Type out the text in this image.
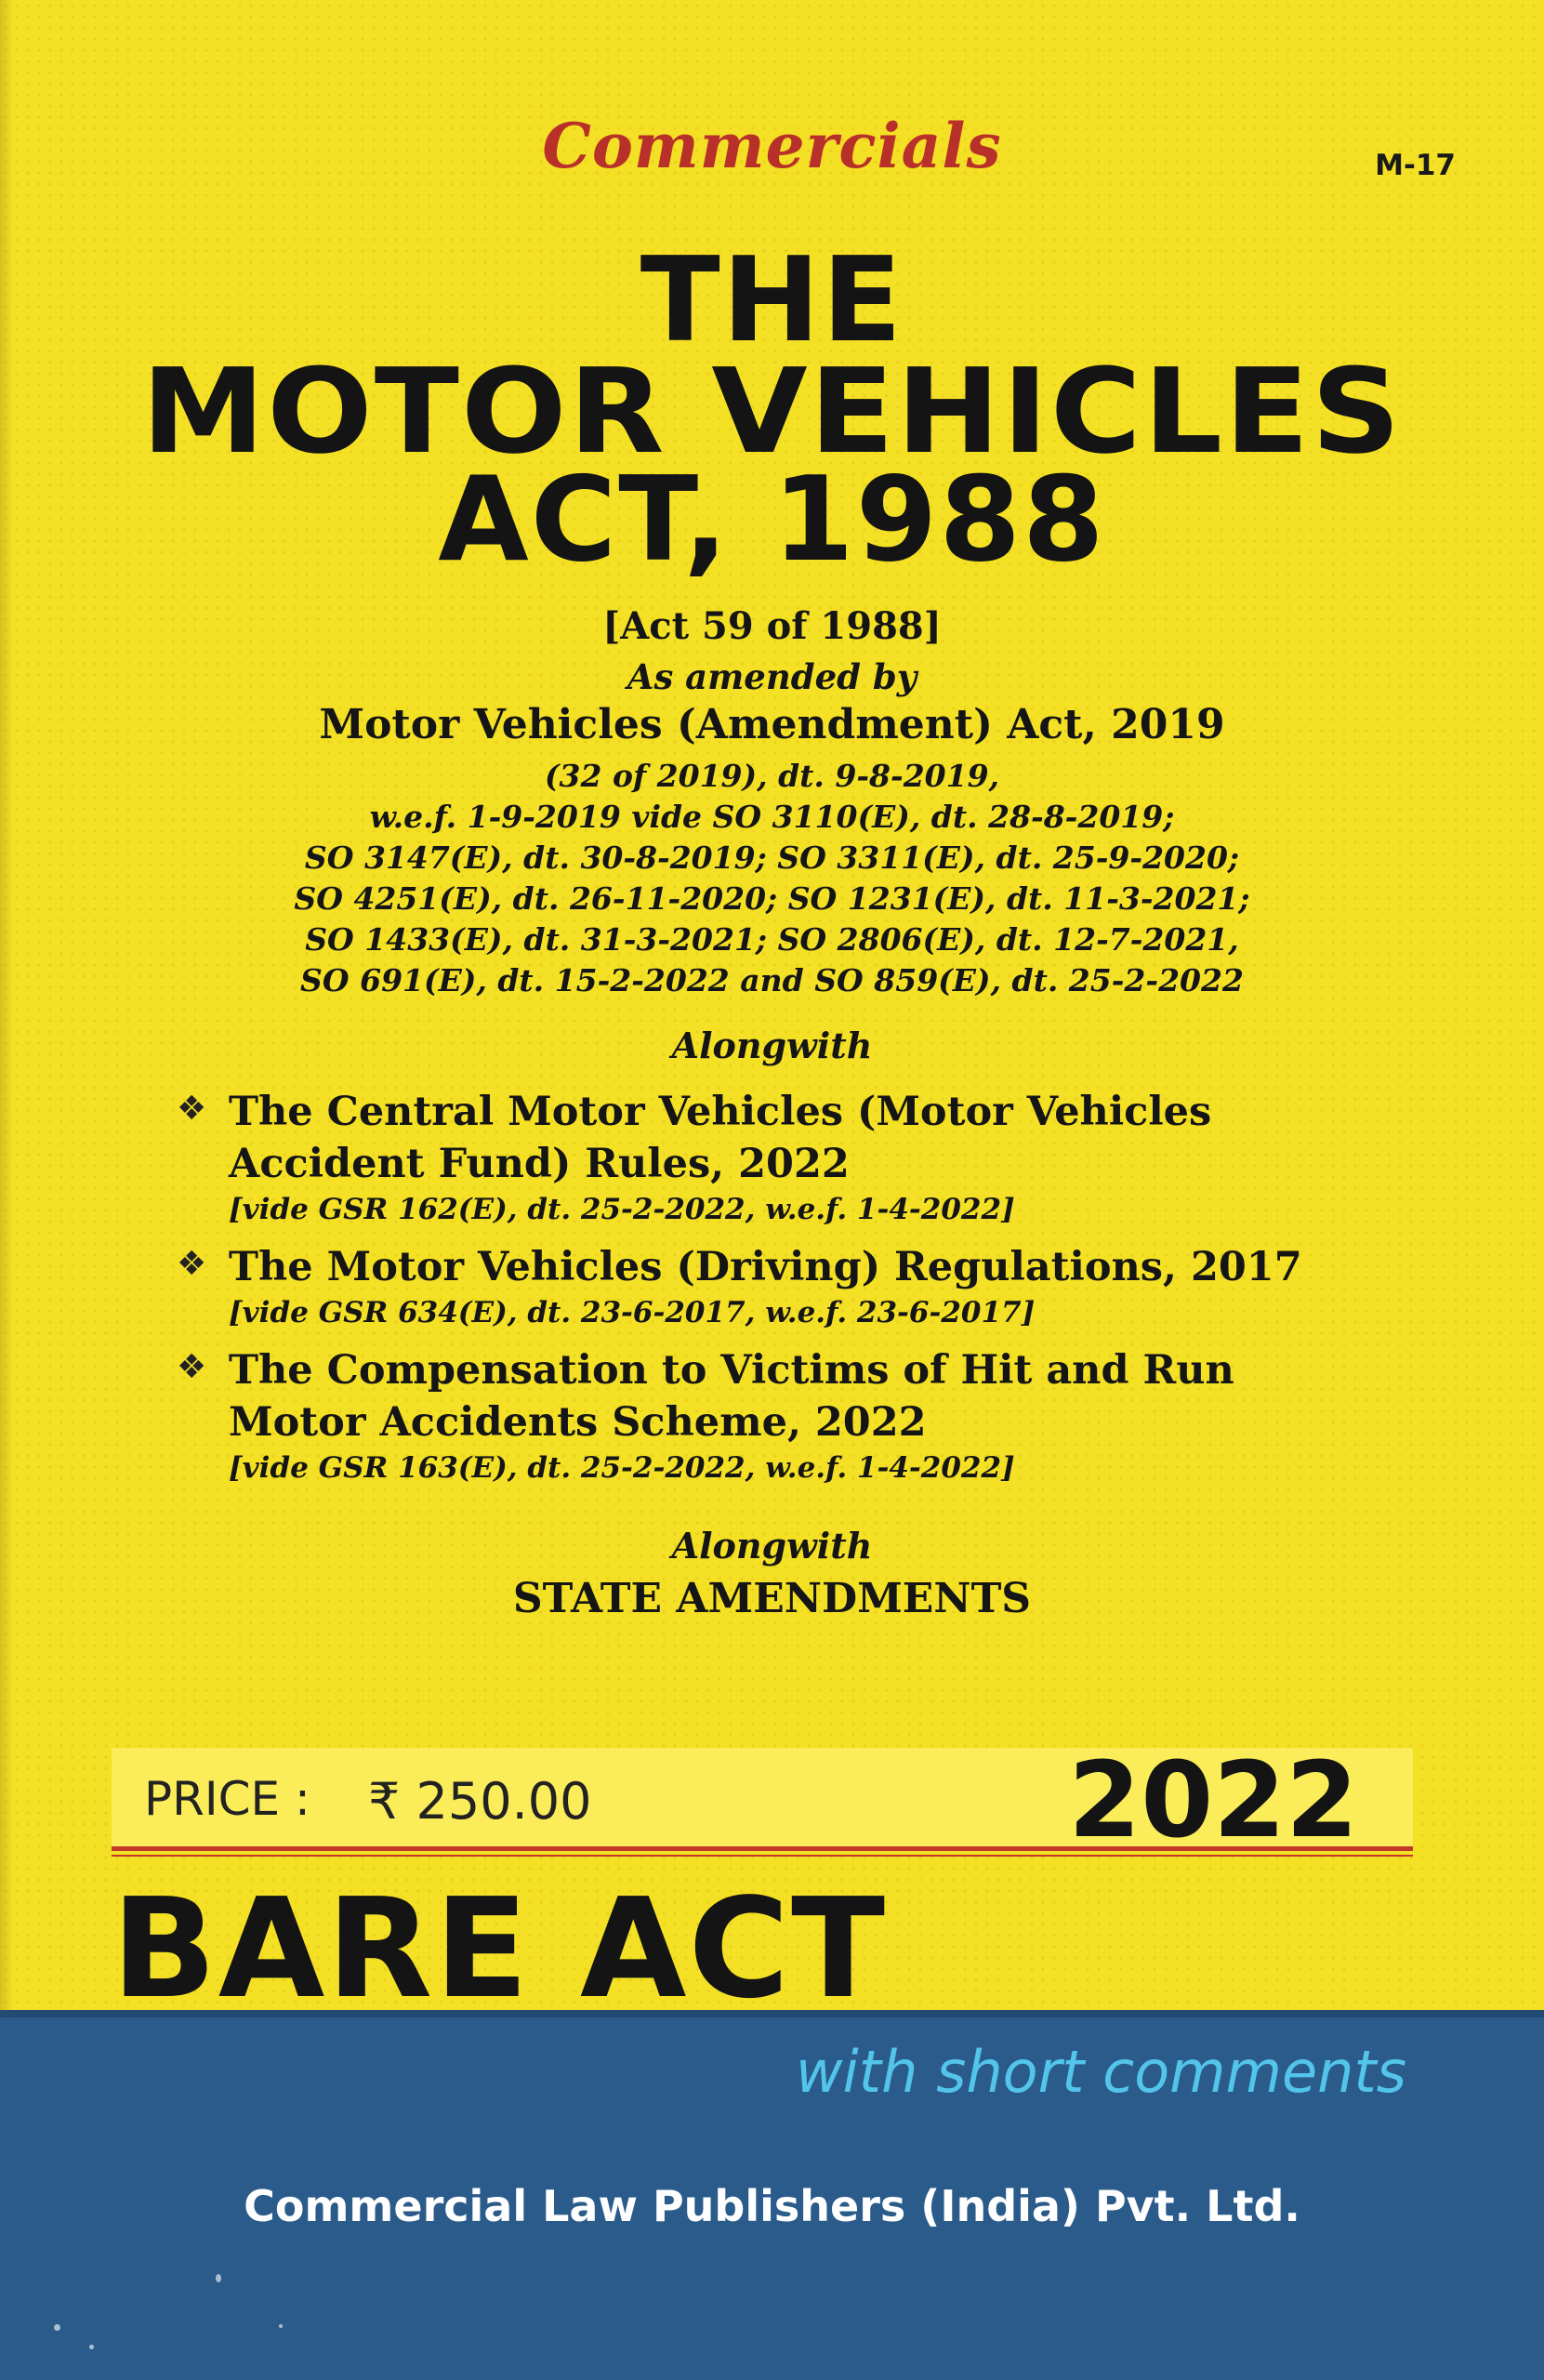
Commercials	M-17
THE
MOTOR VEHICLES
ACT, 1988
[Act 59 of 1988]
As amended by
Motor Vehicles (Amendment) Act, 2019
(32 of 2019), dt. 9-8-2019,
w.e.f. 1-9-2019 vide SO 3110(E), dt. 28-8-2019;
SO 3147(E), dt. 30-8-2019; SO 3311(E), dt. 25-9-2020;
SO 4251(E), dt. 26-11-2020; SO 1231(E), dt. 11-3-2021;
SO 1433(E), dt. 31-3-2021; SO 2806(E), dt. 12-7-2021,
SO 691(E), dt. 15-2-2022 and SO 859(E), dt. 25-2-2022
Alongwith
❖ The Central Motor Vehicles (Motor Vehicles
Accident Fund) Rules, 2022
[vide GSR 162(E), dt. 25-2-2022, w.e.f. 1-4-2022]
❖ The Motor Vehicles (Driving) Regulations, 2017
[vide GSR 634(E), dt. 23-6-2017, w.e.f. 23-6-2017]
❖ The Compensation to Victims of Hit and Run
Motor Accidents Scheme, 2022
[vide GSR 163(E), dt. 25-2-2022, w.e.f. 1-4-2022]
Alongwith
STATE AMENDMENTS
PRICE : ₹ 250.00	2022
BARE ACT
with short comments
Commercial Law Publishers (India) Pvt. Ltd.
